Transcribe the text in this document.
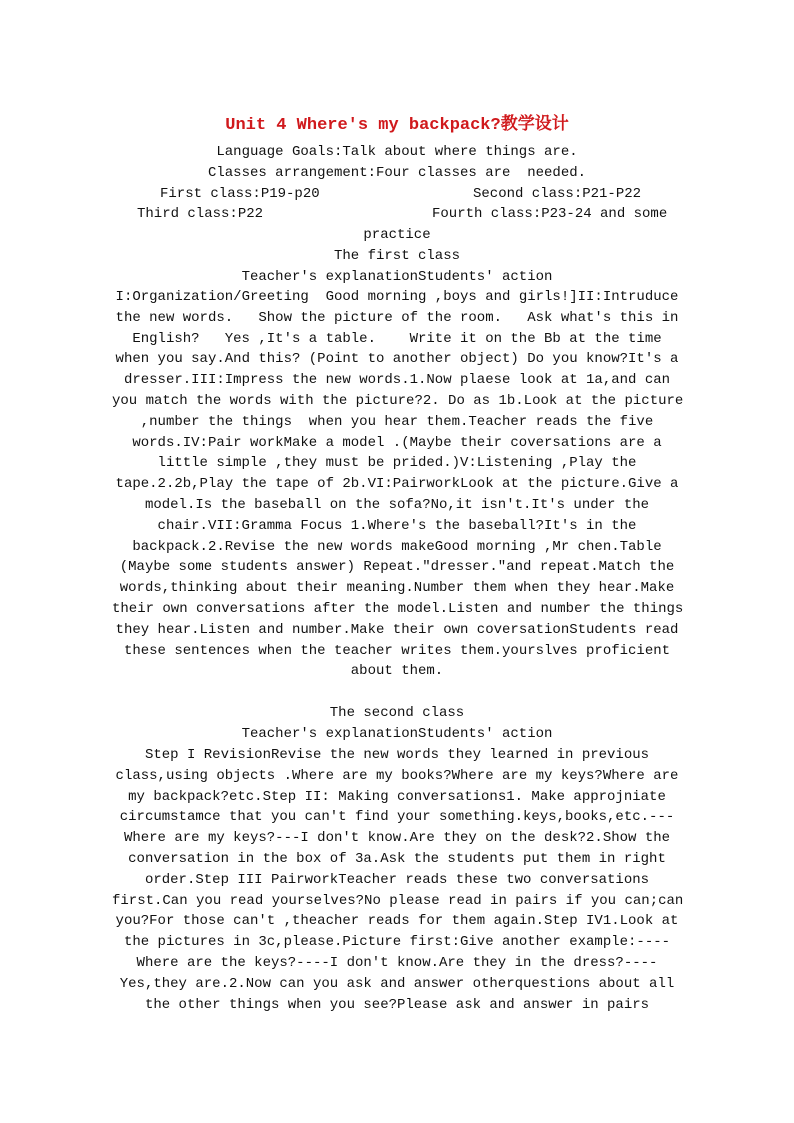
Unit 4 Where's my backpack?教学设计
Language Goals:Talk about where things are.
Classes arrangement:Four classes are  needed.
First class:P19-p20	Second class:P21-P22
Third class:P22	Fourth class:P23-24 and some
practice
The first class
Teacher's explanationStudents' action
I:Organization/Greeting  Good morning ,boys and girls!]II:Intruduce
the new words.   Show the picture of the room.   Ask what's this in
English?   Yes ,It's a table.    Write it on the Bb at the time
when you say.And this? (Point to another object) Do you know?It's a
dresser.III:Impress the new words.1.Now plaese look at 1a,and can
you match the words with the picture?2. Do as 1b.Look at the picture
,number the things  when you hear them.Teacher reads the five
words.IV:Pair workMake a model .(Maybe their coversations are a
little simple ,they must be prided.)V:Listening ,Play the
tape.2.2b,Play the tape of 2b.VI:PairworkLook at the picture.Give a
model.Is the baseball on the sofa?No,it isn't.It's under the
chair.VII:Gramma Focus 1.Where's the baseball?It's in the
backpack.2.Revise the new words makeGood morning ,Mr chen.Table
(Maybe some students answer) Repeat."dresser."and repeat.Match the
words,thinking about their meaning.Number them when they hear.Make
their own conversations after the model.Listen and number the things
they hear.Listen and number.Make their own coversationStudents read
these sentences when the teacher writes them.yourslves proficient
about them.
The second class
Teacher's explanationStudents' action
Step I RevisionRevise the new words they learned in previous
class,using objects .Where are my books?Where are my keys?Where are
my backpack?etc.Step II: Making conversations1. Make approjniate
circumstamce that you can't find your something.keys,books,etc.---
Where are my keys?---I don't know.Are they on the desk?2.Show the
conversation in the box of 3a.Ask the students put them in right
order.Step III PairworkTeacher reads these two conversations
first.Can you read yourselves?No please read in pairs if you can;can
you?For those can't ,theacher reads for them again.Step IV1.Look at
the pictures in 3c,please.Picture first:Give another example:----
Where are the keys?----I don't know.Are they in the dress?----
Yes,they are.2.Now can you ask and answer otherquestions about all
the other things when you see?Please ask and answer in pairs
